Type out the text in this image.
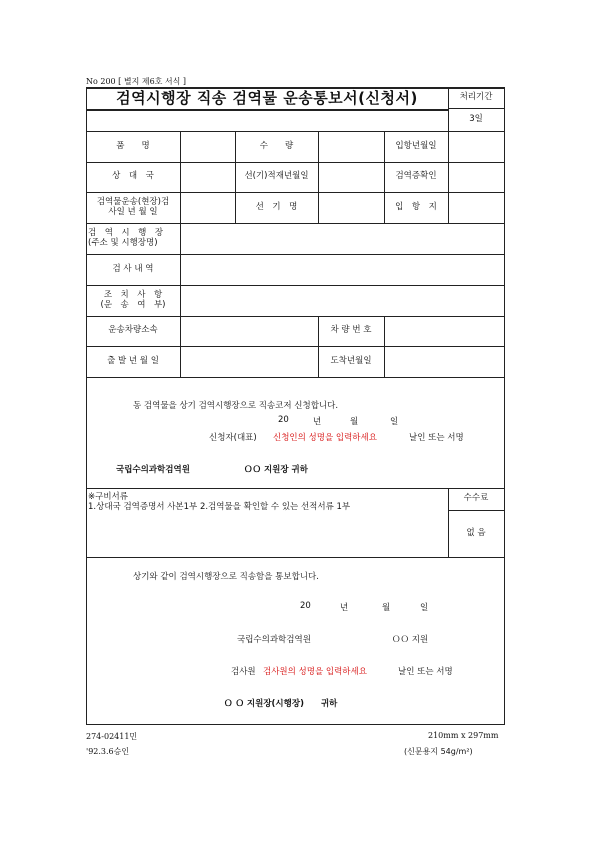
No 200 [ 별지 제6호 서식 ]
검역시행장 직송 검역물 운송통보서(신청서)	처리기간
3일
품　　명	수　　량	입항년월일
상　대　국	선(기)적재년월일	검역증확인
검역물운송(현장)검
사일 년 월 일	선　기　명	입　항　지
검　역　시　행　장
(주소 및 시행장명)
검 사 내 역
조　치　사　항
(운　송　여　부)
운송차량소속	차 량 번 호
출 발 년 월 일	도착년월일
동 검역물을 상기 검역시행장으로 직송코저 신청합니다.
20	년	월	일
신청자(대표) 신청인의 성명을 입력하세요	날인 또는 서명
국립수의과학검역원	ＯＯ 지원장 귀하
※구비서류
1.상대국 검역증명서 사본1부 2.검역물을 확인할 수 있는 선적서류 1부
수수료
없 음
상기와 같이 검역시행장으로 직송함을 통보합니다.
20	년	월	일
국립수의과학검역원	ＯＯ 지원
검사원 검사원의 성명을 입력하세요	날인 또는 서명
Ｏ Ｏ 지원장(시행장)　　귀하
274-02411민
'92.3.6승인
210mm x 297mm
(신문용지 54g/m²)
